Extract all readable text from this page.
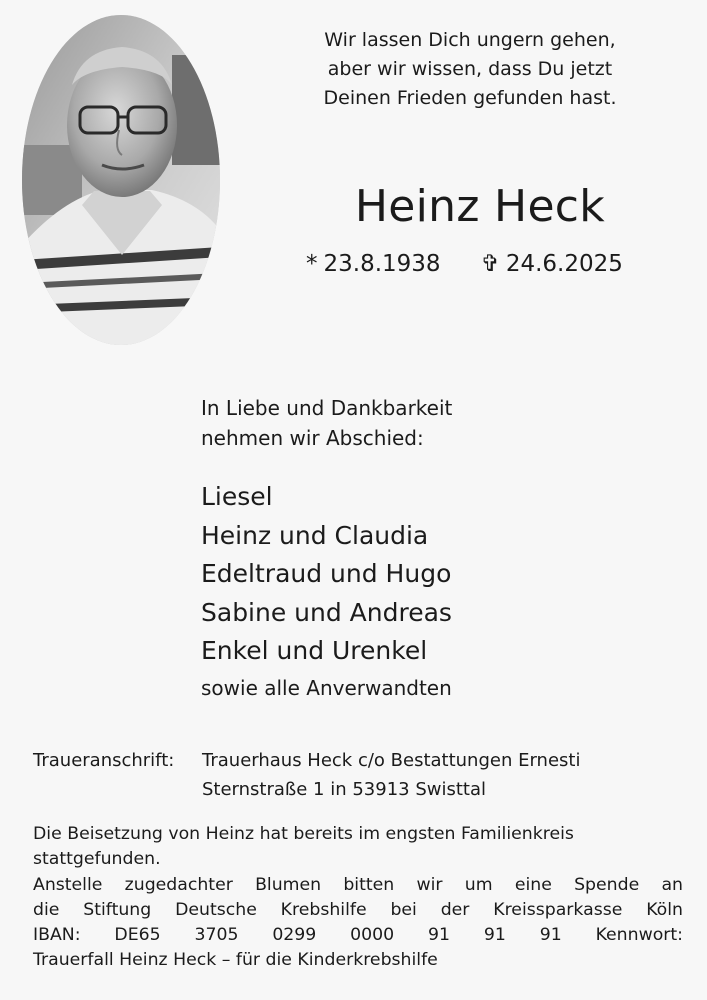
Wir lassen Dich ungern gehen,
aber wir wissen, dass Du jetzt
Deinen Frieden gefunden hast.
Heinz Heck
* 23.8.1938 ✞ 24.6.2025
In Liebe und Dankbarkeit
nehmen wir Abschied:
Liesel
Heinz und Claudia
Edeltraud und Hugo
Sabine und Andreas
Enkel und Urenkel
sowie alle Anverwandten
Traueranschrift:	Trauerhaus Heck c/o Bestattungen Ernesti
Sternstraße 1 in 53913 Swisttal
Die Beisetzung von Heinz hat bereits im engsten Familienkreis
stattgefunden.
Anstelle zugedachter Blumen bitten wir um eine Spende an
die Stiftung Deutsche Krebshilfe bei der Kreissparkasse Köln
IBAN: DE65 3705 0299 0000 91 91 91 Kennwort:
Trauerfall Heinz Heck – für die Kinderkrebshilfe
